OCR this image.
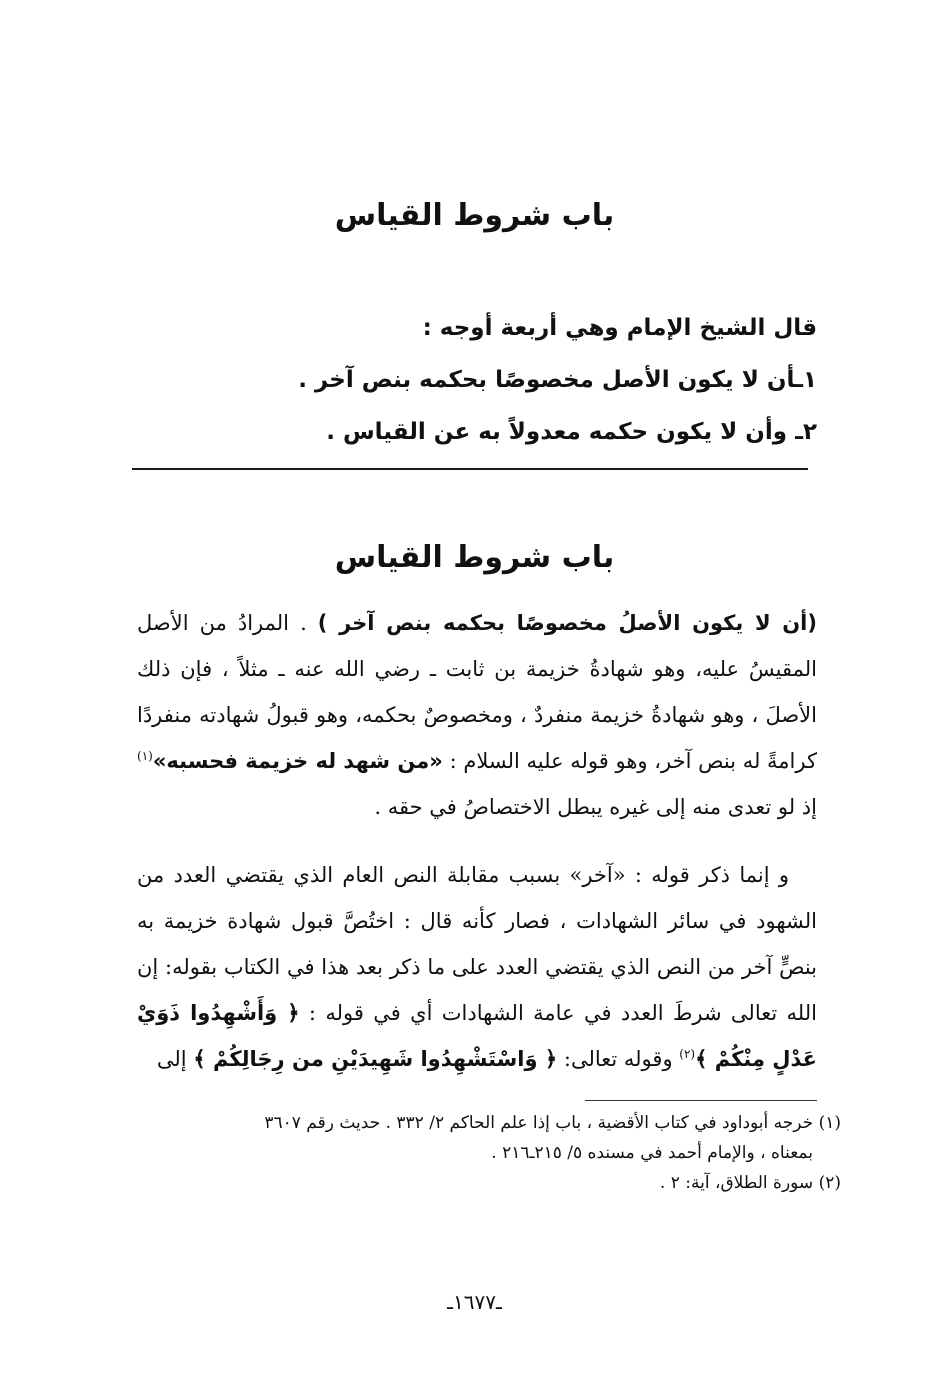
باب شروط القياس

قال الشيخ الإمام وهي أربعة أوجه :

١ـأن لا يكون الأصل مخصوصًا بحكمه بنص آخر .

٢ـ وأن لا يكون حكمه معدولاً به عن القياس .

باب شروط القياس

(أن لا يكون الأصلُ مخصوصًا بحكمه بنص آخر ) . المرادُ من الأصل المقيسُ عليه، وهو شهادةُ خزيمة بن ثابت ـ رضي الله عنه ـ مثلاً ، فإن ذلك الأصلَ ، وهو شهادةُ خزيمة منفردٌ ، ومخصوصٌ بحكمه، وهو قبولُ شهادته منفردًا كرامةً له بنص آخر، وهو قوله عليه السلام : «من شهد له خزيمة فحسبه»$^{(١)}$ إذ لو تعدى منه إلى غيره يبطل الاختصاصُ في حقه .

و إنما ذكر قوله : «آخر» بسبب مقابلة النص العام الذي يقتضي العدد من الشهود في سائر الشهادات ، فصار كأنه قال : اختُصَّ قبول شهادة خزيمة به بنصٍّ آخر من النص الذي يقتضي العدد على ما ذكر بعد هذا في الكتاب بقوله: إن الله تعالى شرطَ العدد في عامة الشهادات أي في قوله : ﴿ وَأَشْهِدُوا ذَوَيْ عَدْلٍ مِنْكُمْ ﴾$^{(٢)}$ وقوله تعالى: ﴿ وَاسْتَشْهِدُوا شَهِيدَيْنِ من رِجَالِكُمْ ﴾ إلى

(١) خرجه أبوداود في كتاب الأقضية ، باب إذا علم الحاكم ٢/ ٣٣٢ . حديث رقم ٣٦٠٧

بمعناه ، والإمام أحمد في مسنده ٥/ ٢١٥ـ٢١٦ .

(٢) سورة الطلاق، آية: ٢ .

ـ١٦٧٧ـ
